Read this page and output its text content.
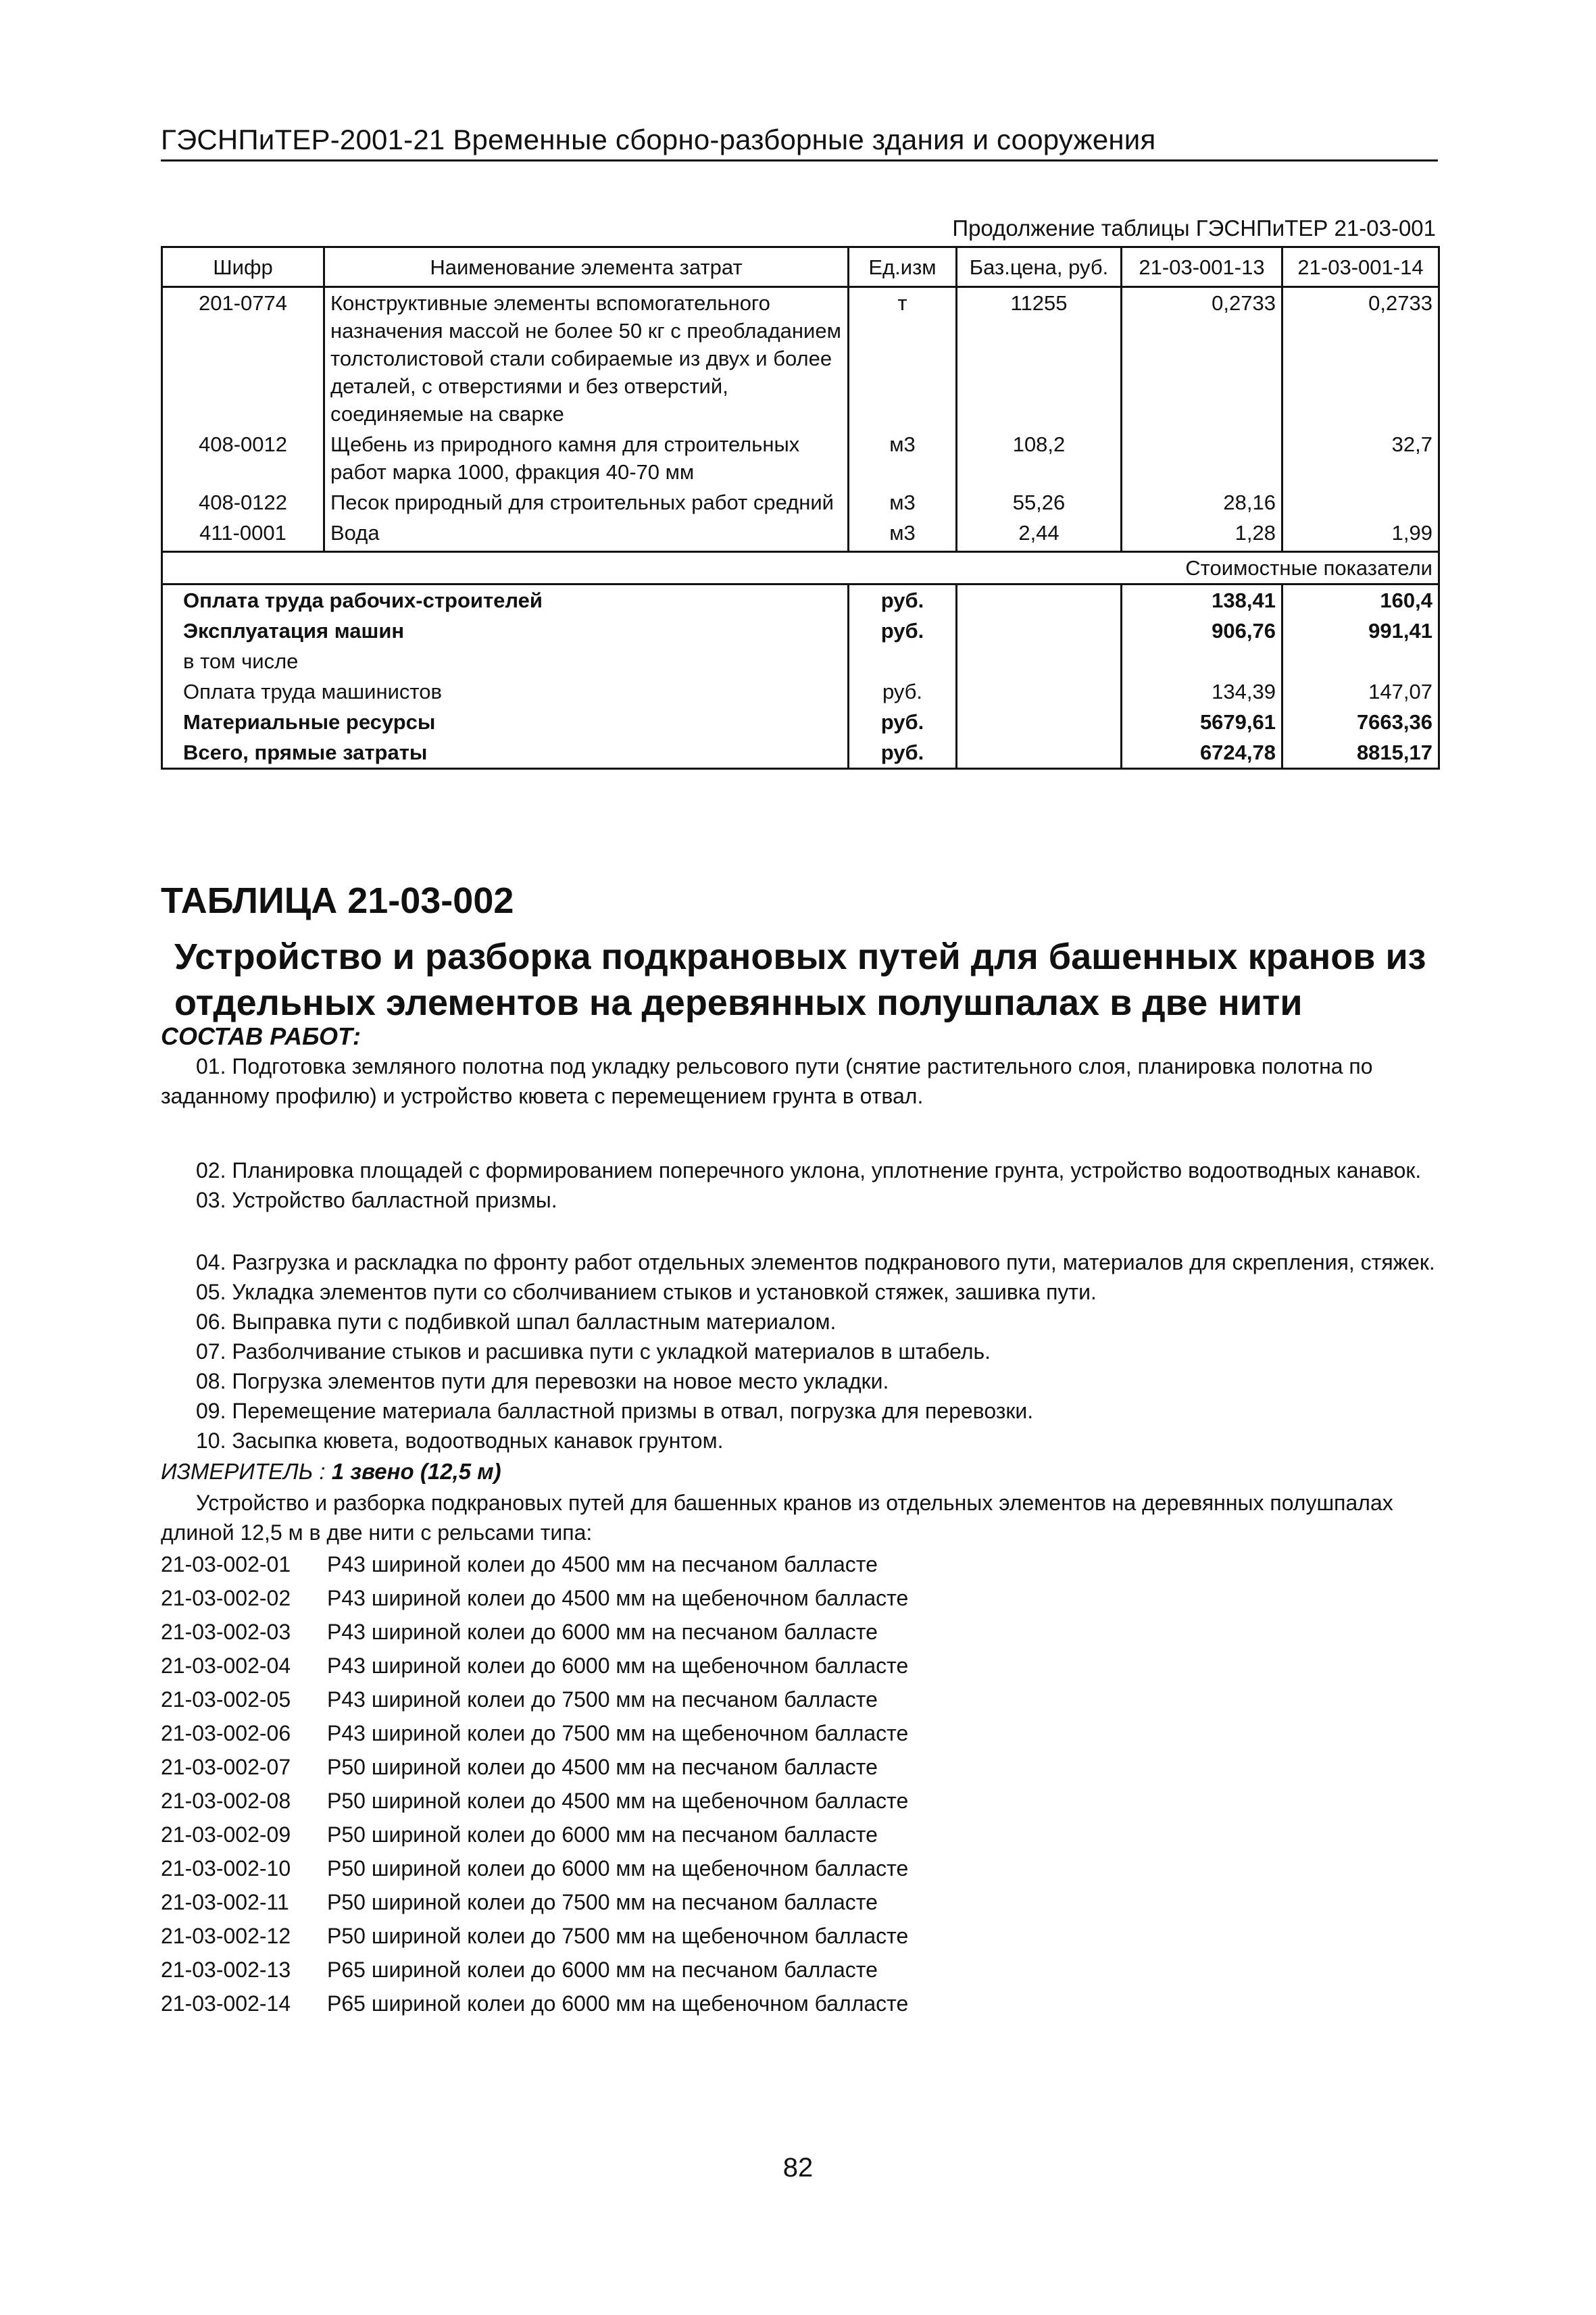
ГЭСНПиТЕР-2001-21 Временные сборно-разборные здания и сооружения
Продолжение таблицы ГЭСНПиТЕР 21-03-001
Шифр	Наименование элемента затрат	Ед.изм	Баз.цена, руб.	21-03-001-13	21-03-001-14
201-0774	Конструктивные элементы вспомогательного назначения массой не более 50 кг с преобладанием толстолистовой стали собираемые из двух и более деталей, с отверстиями и без отверстий, соединяемые на сварке	т	11255	0,2733	0,2733
408-0012	Щебень из природного камня для строительных работ марка 1000, фракция 40-70 мм	м3	108,2		32,7
408-0122	Песок природный для строительных работ средний	м3	55,26	28,16	
411-0001	Вода	м3	2,44	1,28	1,99
Стоимостные показатели					
Оплата труда рабочих-строителей		руб.		138,41	160,4
Эксплуатация машин		руб.		906,76	991,41
в том числе					
Оплата труда машинистов		руб.		134,39	147,07
Материальные ресурсы		руб.		5679,61	7663,36
Всего, прямые затраты		руб.		6724,78	8815,17
ТАБЛИЦА 21-03-002
Устройство и разборка подкрановых путей для башенных кранов из
отдельных элементов на деревянных полушпалах в две нити
СОСТАВ РАБОТ:
01. Подготовка земляного полотна под укладку рельсового пути (снятие растительного слоя, планировка полотна по заданному профилю) и устройство кювета с перемещением грунта в отвал.
02. Планировка площадей с формированием поперечного уклона, уплотнение грунта, устройство водоотводных канавок.
03. Устройство балластной призмы.
04. Разгрузка и раскладка по фронту работ отдельных элементов подкранового пути, материалов для скрепления, стяжек.
05. Укладка элементов пути со сболчиванием стыков и установкой стяжек, зашивка пути.
06. Выправка пути с подбивкой шпал балластным материалом.
07. Разболчивание стыков и расшивка пути с укладкой материалов в штабель.
08. Погрузка элементов пути для перевозки на новое место укладки.
09. Перемещение материала балластной призмы в отвал, погрузка для перевозки.
10. Засыпка кювета, водоотводных канавок грунтом.
ИЗМЕРИТЕЛЬ : 1 звено (12,5 м)
Устройство и разборка подкрановых путей для башенных кранов из отдельных элементов на деревянных полушпалах длиной 12,5 м в две нити с рельсами типа:
21-03-002-01	Р43 шириной колеи до 4500 мм на песчаном балласте
21-03-002-02	Р43 шириной колеи до 4500 мм на щебеночном балласте
21-03-002-03	Р43 шириной колеи до 6000 мм на песчаном балласте
21-03-002-04	Р43 шириной колеи до 6000 мм на щебеночном балласте
21-03-002-05	Р43 шириной колеи до 7500 мм на песчаном балласте
21-03-002-06	Р43 шириной колеи до 7500 мм на щебеночном балласте
21-03-002-07	Р50 шириной колеи до 4500 мм на песчаном балласте
21-03-002-08	Р50 шириной колеи до 4500 мм на щебеночном балласте
21-03-002-09	Р50 шириной колеи до 6000 мм на песчаном балласте
21-03-002-10	Р50 шириной колеи до 6000 мм на щебеночном балласте
21-03-002-11	Р50 шириной колеи до 7500 мм на песчаном балласте
21-03-002-12	Р50 шириной колеи до 7500 мм на щебеночном балласте
21-03-002-13	Р65 шириной колеи до 6000 мм на песчаном балласте
21-03-002-14	Р65 шириной колеи до 6000 мм на щебеночном балласте
82
